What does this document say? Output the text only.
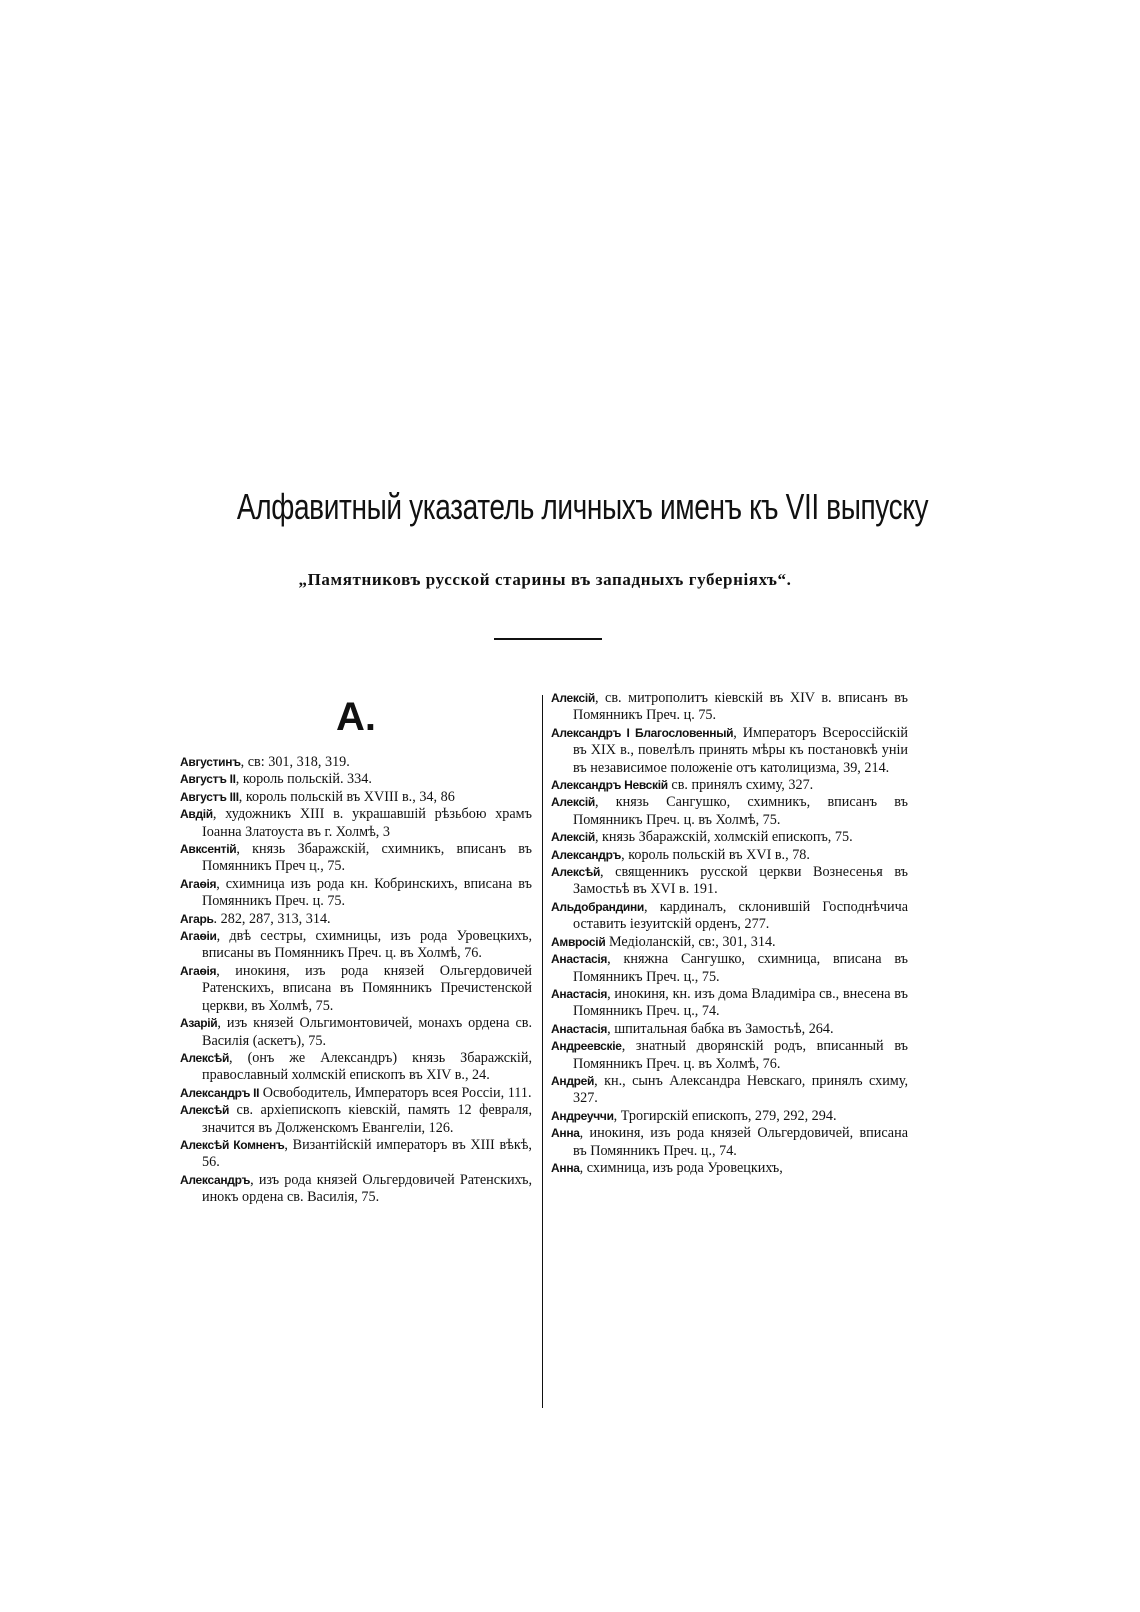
Алфавитный указатель личныхъ именъ къ VII выпуску
„Памятниковъ русской старины въ западныхъ губерніяхъ“.
А.

Августинъ, св: 301, 318, 319.

Августъ II, король польскій. 334.

Августъ III, король польскій въ XVIII в., 34, 86

Авдій, художникъ XIII в. украшавшій рѣзьбою храмъ Іоанна Златоуста въ г. Холмѣ, 3

Авксентій, князь Збаражскій, схимникъ, вписанъ въ Помянникъ Преч ц., 75.

Агаѳія, схимница изъ рода кн. Кобринскихъ, вписана въ Помянникъ Преч. ц. 75.

Агарь. 282, 287, 313, 314.

Агаѳіи, двѣ сестры, схимницы, изъ рода Уровецкихъ, вписаны въ Помянникъ Преч. ц. въ Холмѣ, 76.

Агаѳія, инокиня, изъ рода князей Ольгердовичей Ратенскихъ, вписана въ Помянникъ Пречистенской церкви, въ Холмѣ, 75.

Азарій, изъ князей Ольгимонтовичей, монахъ ордена св. Василія (аскетъ), 75.

Алексѣй, (онъ же Александръ) князь Збаражскій, православный холмскій епископъ въ XIV в., 24.

Александръ II Освободитель, Императоръ всея Россіи, 111.

Алексѣй св. архіепископъ кіевскій, память 12 февраля, значится въ Долженскомъ Евангеліи, 126.

Алексѣй Комненъ, Византійскій императоръ въ XIII вѣкѣ, 56.

Александръ, изъ рода князей Ольгердовичей Ратенскихъ, инокъ ордена св. Василія, 75.

Алексій, св. митрополитъ кіевскій въ XIV в. вписанъ въ Помянникъ Преч. ц. 75.

Александръ I Благословенный, Императоръ Всероссійскій въ XIX в., повелѣлъ принять мѣры къ постановкѣ уніи въ независимое положеніе отъ католицизма, 39, 214.

Александръ Невскій св. принялъ схиму, 327.

Алексій, князь Сангушко, схимникъ, вписанъ въ Помянникъ Преч. ц. въ Холмѣ, 75.

Алексій, князь Збаражскій, холмскій епископъ, 75.

Александръ, король польскій въ XVI в., 78.

Алексѣй, священникъ русской церкви Вознесенья въ Замостьѣ въ XVI в. 191.

Альдобрандини, кардиналъ, склонившій Господнѣчича оставить іезуитскій орденъ, 277.

Амвросій Медіоланскій, св:, 301, 314.

Анастасія, княжна Сангушко, схимница, вписана въ Помянникъ Преч. ц., 75.

Анастасія, инокиня, кн. изъ дома Владиміра св., внесена въ Помянникъ Преч. ц., 74.

Анастасія, шпитальная бабка въ Замостьѣ, 264.

Андреевскіе, знатный дворянскій родъ, вписанный въ Помянникъ Преч. ц. въ Холмѣ, 76.

Андрей, кн., сынъ Александра Невскаго, принялъ схиму, 327.

Андреуччи, Трогирскій епископъ, 279, 292, 294.

Анна, инокиня, изъ рода князей Ольгердовичей, вписана въ Помянникъ Преч. ц., 74.

Анна, схимница, изъ рода Уровецкихъ,
